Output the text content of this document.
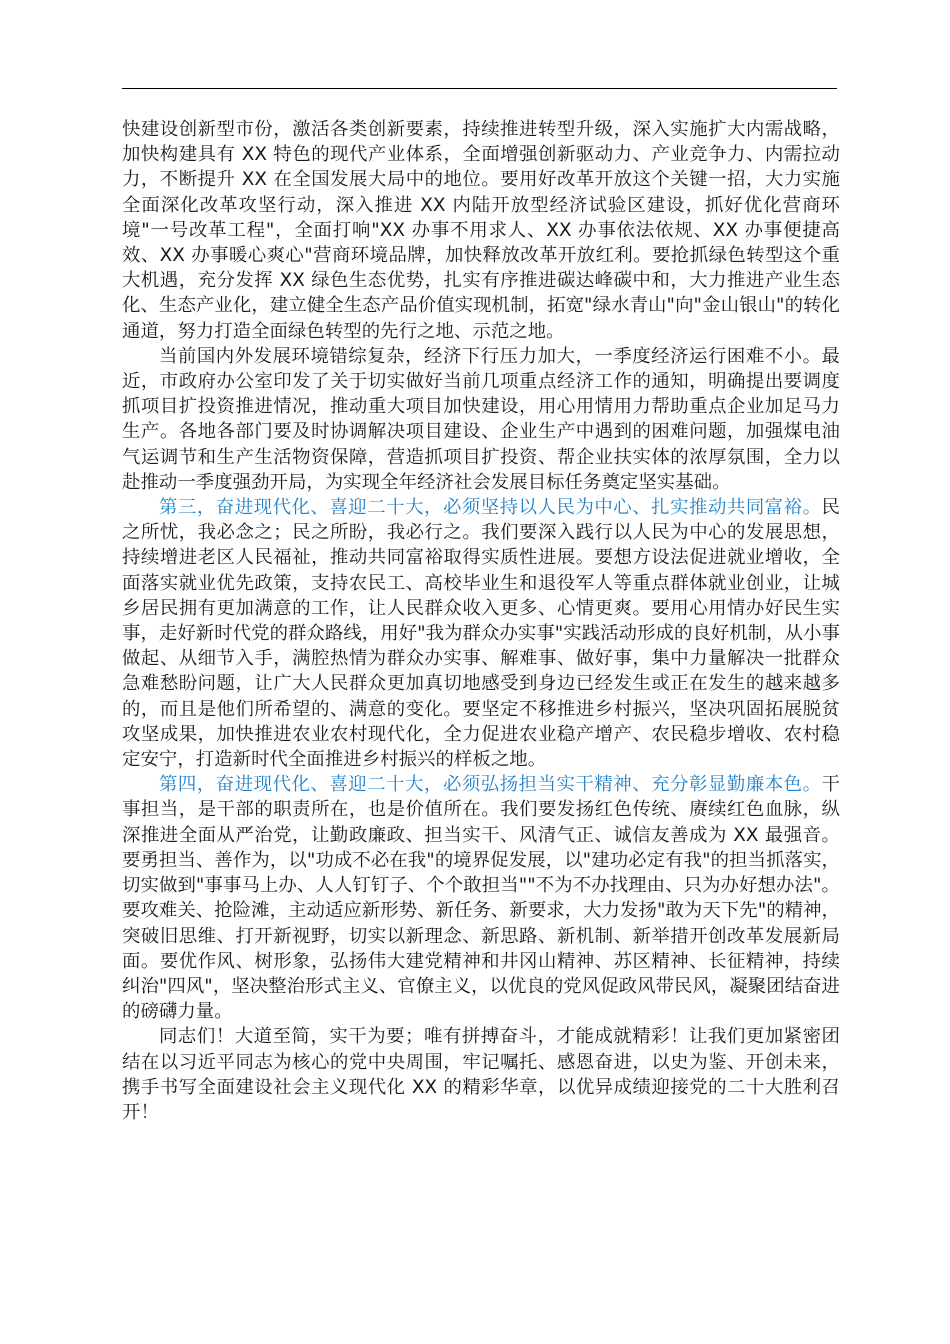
快建设创新型市份，激活各类创新要素，持续推进转型升级，深入实施扩大内需战略，加快构建具有 XX 特色的现代产业体系，全面增强创新驱动力、产业竞争力、内需拉动力，不断提升 XX 在全国发展大局中的地位。要用好改革开放这个关键一招，大力实施全面深化改革攻坚行动，深入推进 XX 内陆开放型经济试验区建设，抓好优化营商环境"一号改革工程"，全面打响"XX 办事不用求人、XX 办事依法依规、XX 办事便捷高效、XX 办事暖心爽心"营商环境品牌，加快释放改革开放红利。要抢抓绿色转型这个重大机遇，充分发挥 XX 绿色生态优势，扎实有序推进碳达峰碳中和，大力推进产业生态化、生态产业化，建立健全生态产品价值实现机制，拓宽"绿水青山"向"金山银山"的转化通道，努力打造全面绿色转型的先行之地、示范之地。

当前国内外发展环境错综复杂，经济下行压力加大，一季度经济运行困难不小。最近，市政府办公室印发了关于切实做好当前几项重点经济工作的通知，明确提出要调度抓项目扩投资推进情况，推动重大项目加快建设，用心用情用力帮助重点企业加足马力生产。各地各部门要及时协调解决项目建设、企业生产中遇到的困难问题，加强煤电油气运调节和生产生活物资保障，营造抓项目扩投资、帮企业扶实体的浓厚氛围，全力以赴推动一季度强劲开局，为实现全年经济社会发展目标任务奠定坚实基础。

第三，奋进现代化、喜迎二十大，必须坚持以人民为中心、扎实推动共同富裕。民之所忧，我必念之；民之所盼，我必行之。我们要深入践行以人民为中心的发展思想，持续增进老区人民福祉，推动共同富裕取得实质性进展。要想方设法促进就业增收，全面落实就业优先政策，支持农民工、高校毕业生和退役军人等重点群体就业创业，让城乡居民拥有更加满意的工作，让人民群众收入更多、心情更爽。要用心用情办好民生实事，走好新时代党的群众路线，用好"我为群众办实事"实践活动形成的良好机制，从小事做起、从细节入手，满腔热情为群众办实事、解难事、做好事，集中力量解决一批群众急难愁盼问题，让广大人民群众更加真切地感受到身边已经发生或正在发生的越来越多的，而且是他们所希望的、满意的变化。要坚定不移推进乡村振兴，坚决巩固拓展脱贫攻坚成果，加快推进农业农村现代化，全力促进农业稳产增产、农民稳步增收、农村稳定安宁，打造新时代全面推进乡村振兴的样板之地。

第四，奋进现代化、喜迎二十大，必须弘扬担当实干精神、充分彰显勤廉本色。干事担当，是干部的职责所在，也是价值所在。我们要发扬红色传统、赓续红色血脉，纵深推进全面从严治党，让勤政廉政、担当实干、风清气正、诚信友善成为 XX 最强音。要勇担当、善作为，以"功成不必在我"的境界促发展，以"建功必定有我"的担当抓落实，切实做到"事事马上办、人人钉钉子、个个敢担当""不为不办找理由、只为办好想办法"。要攻难关、抢险滩，主动适应新形势、新任务、新要求，大力发扬"敢为天下先"的精神，突破旧思维、打开新视野，切实以新理念、新思路、新机制、新举措开创改革发展新局面。要优作风、树形象，弘扬伟大建党精神和井冈山精神、苏区精神、长征精神，持续纠治"四风"，坚决整治形式主义、官僚主义，以优良的党风促政风带民风，凝聚团结奋进的磅礴力量。

同志们！大道至简，实干为要；唯有拼搏奋斗，才能成就精彩！让我们更加紧密团结在以习近平同志为核心的党中央周围，牢记嘱托、感恩奋进，以史为鉴、开创未来，携手书写全面建设社会主义现代化 XX 的精彩华章，以优异成绩迎接党的二十大胜利召开！
